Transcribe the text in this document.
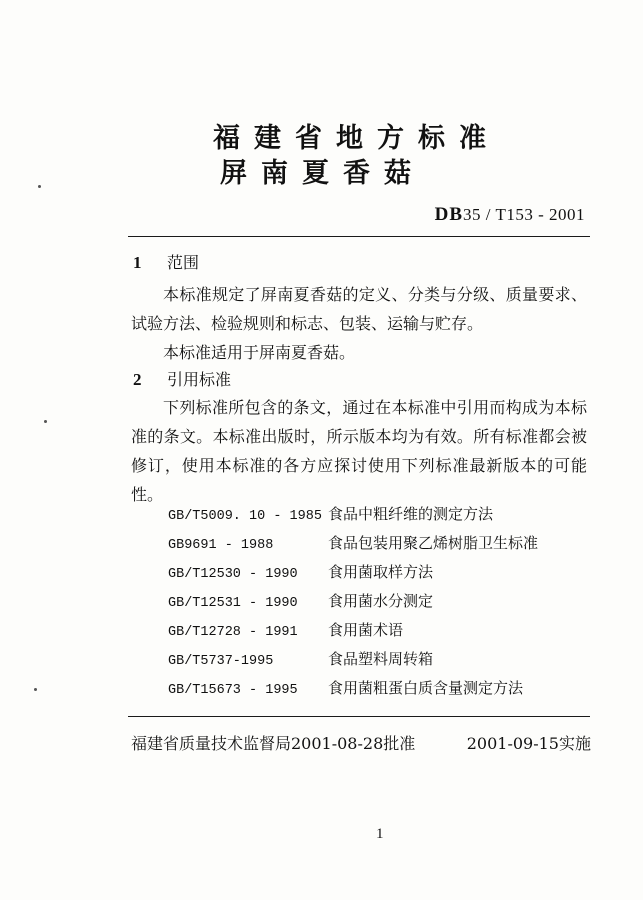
福建省地方标准
屏南夏香菇
DB35 / T153 - 2001
1 范围
本标准规定了屏南夏香菇的定义、分类与分级、质量要求、试验方法、检验规则和标志、包装、运输与贮存。
本标准适用于屏南夏香菇。
2 引用标准
下列标准所包含的条文，通过在本标准中引用而构成为本标准的条文。本标准出版时，所示版本均为有效。所有标准都会被修订，使用本标准的各方应探讨使用下列标准最新版本的可能性。
GB/T5009. 10 - 1985 食品中粗纤维的测定方法
GB9691 - 1988	食品包装用聚乙烯树脂卫生标准
GB/T12530 - 1990 食用菌取样方法
GB/T12531 - 1990 食用菌水分测定
GB/T12728 - 1991 食用菌术语
GB/T5737-1995	食品塑料周转箱
GB/T15673 - 1995 食用菌粗蛋白质含量测定方法
福建省质量技术监督局2001-08-28批准	2001-09-15实施
1
